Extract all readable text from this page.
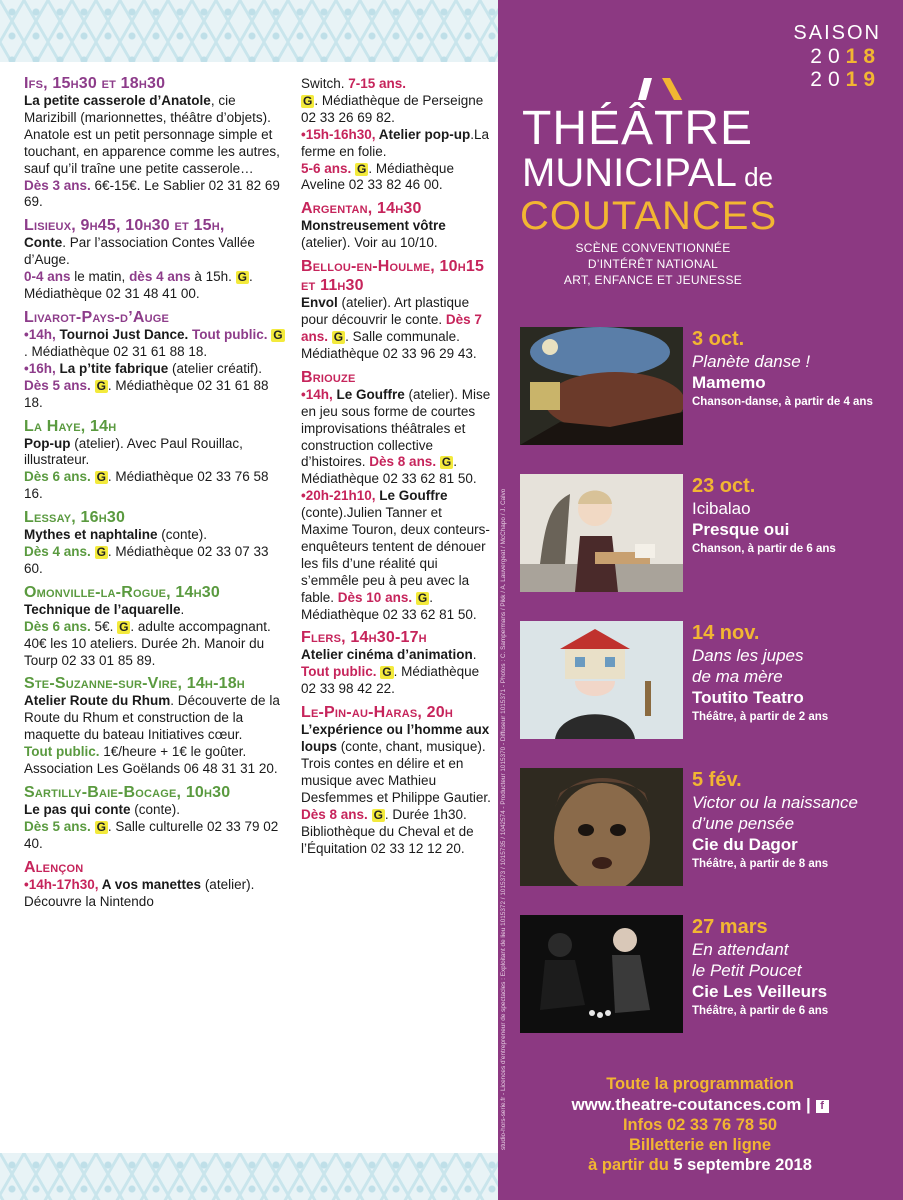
Ifs, 15h30 et 18h30
La petite casserole d’Anatole, cie Marizibill (marionnettes, théâtre d’objets). Anatole est un petit personnage simple et touchant, en apparence comme les autres, sauf qu’il traîne une petite casserole…
Dès 3 ans. 6€-15€. Le Sablier 02 31 82 69 69.
Lisieux, 9h45, 10h30 et 15h,
Conte. Par l’association Contes Vallée d’Auge.
0-4 ans le matin, dès 4 ans à 15h. G . Médiathèque 02 31 48 41 00.
Livarot-Pays-d’Auge
•14h, Tournoi Just Dance. Tout public. G. Médiathèque 02 31 61 88 18.
•16h, La p’tite fabrique (atelier créatif). Dès 5 ans. G . Médiathèque 02 31 61 88 18.
La Haye, 14h
Pop-up (atelier). Avec Paul Rouillac, illustrateur.
Dès 6 ans. G . Médiathèque 02 33 76 58 16.
Lessay, 16h30
Mythes et naphtaline (conte).
Dès 4 ans. G . Médiathèque 02 33 07 33 60.
Omonville-la-Rogue, 14h30
Technique de l’aquarelle.
Dès 6 ans. 5€. G . adulte accompagnant. 40€ les 10 ateliers. Durée 2h. Manoir du Tourp 02 33 01 85 89.
Ste-Suzanne-sur-Vire, 14h-18h
Atelier Route du Rhum. Découverte de la Route du Rhum et construction de la maquette du bateau Initiatives cœur.
Tout public. 1€/heure + 1€ le goûter. Association Les Goëlands 06 48 31 31 20.
Sartilly-Baie-Bocage, 10h30
Le pas qui conte (conte).
Dès 5 ans. G . Salle culturelle 02 33 79 02 40.
Alençon
•14h-17h30, A vos manettes (atelier). Découvre la Nintendo
Switch. 7-15 ans.
G . Médiathèque de Perseigne 02 33 26 69 82.
•15h-16h30, Atelier pop-up.La ferme en folie.
5-6 ans. G . Médiathèque Aveline 02 33 82 46 00.
Argentan, 14h30
Monstreusement vôtre (atelier). Voir au 10/10.
Bellou-en-Houlme, 10h15 et 11h30
Envol (atelier). Art plastique pour découvrir le conte. Dès 7 ans. G . Salle communale. Médiathèque 02 33 96 29 43.
Briouze
•14h, Le Gouffre (atelier). Mise en jeu sous forme de courtes improvisations théâtrales et construction collective d’histoires. Dès 8 ans. G . Médiathèque 02 33 62 81 50.
•20h-21h10, Le Gouffre (conte).Julien Tanner et Maxime Touron, deux conteurs-enquêteurs tentent de dénouer les fils d’une réalité qui s’emmêle peu à peu avec la fable. Dès 10 ans. G . Médiathèque 02 33 62 81 50.
Flers, 14h30-17h
Atelier cinéma d’animation.
Tout public. G . Médiathèque 02 33 98 42 22.
Le-Pin-au-Haras, 20h
L’expérience ou l’homme aux loups (conte, chant, musique). Trois contes en délire et en musique avec Mathieu Desfemmes et Philippe Gautier.
Dès 8 ans. G . Durée 1h30. Bibliothèque du Cheval et de l’Équitation 02 33 12 12 20.
SAISON
2018
2019
THÉÂTRE
MUNICIPAL de
COUTANCES
SCÈNE CONVENTIONNÉE
D’INTÉRÊT NATIONAL
ART, ENFANCE ET JEUNESSE
3 oct.
Planète danse !
Mamemo
Chanson-danse, à partir de 4 ans
23 oct.
Icibalao
Presque oui
Chanson, à partir de 6 ans
14 nov.
Dans les jupes
de ma mère
Toutito Teatro
Théâtre, à partir de 2 ans
5 fév.
Victor ou la naissance
d’une pensée
Cie du Dagor
Théâtre, à partir de 8 ans
27 mars
En attendant
le Petit Poucet
Cie Les Veilleurs
Théâtre, à partir de 6 ans
Toute la programmation
www.theatre-coutances.com | f
Infos 02 33 76 78 50
Billetterie en ligne
à partir du 5 septembre 2018
